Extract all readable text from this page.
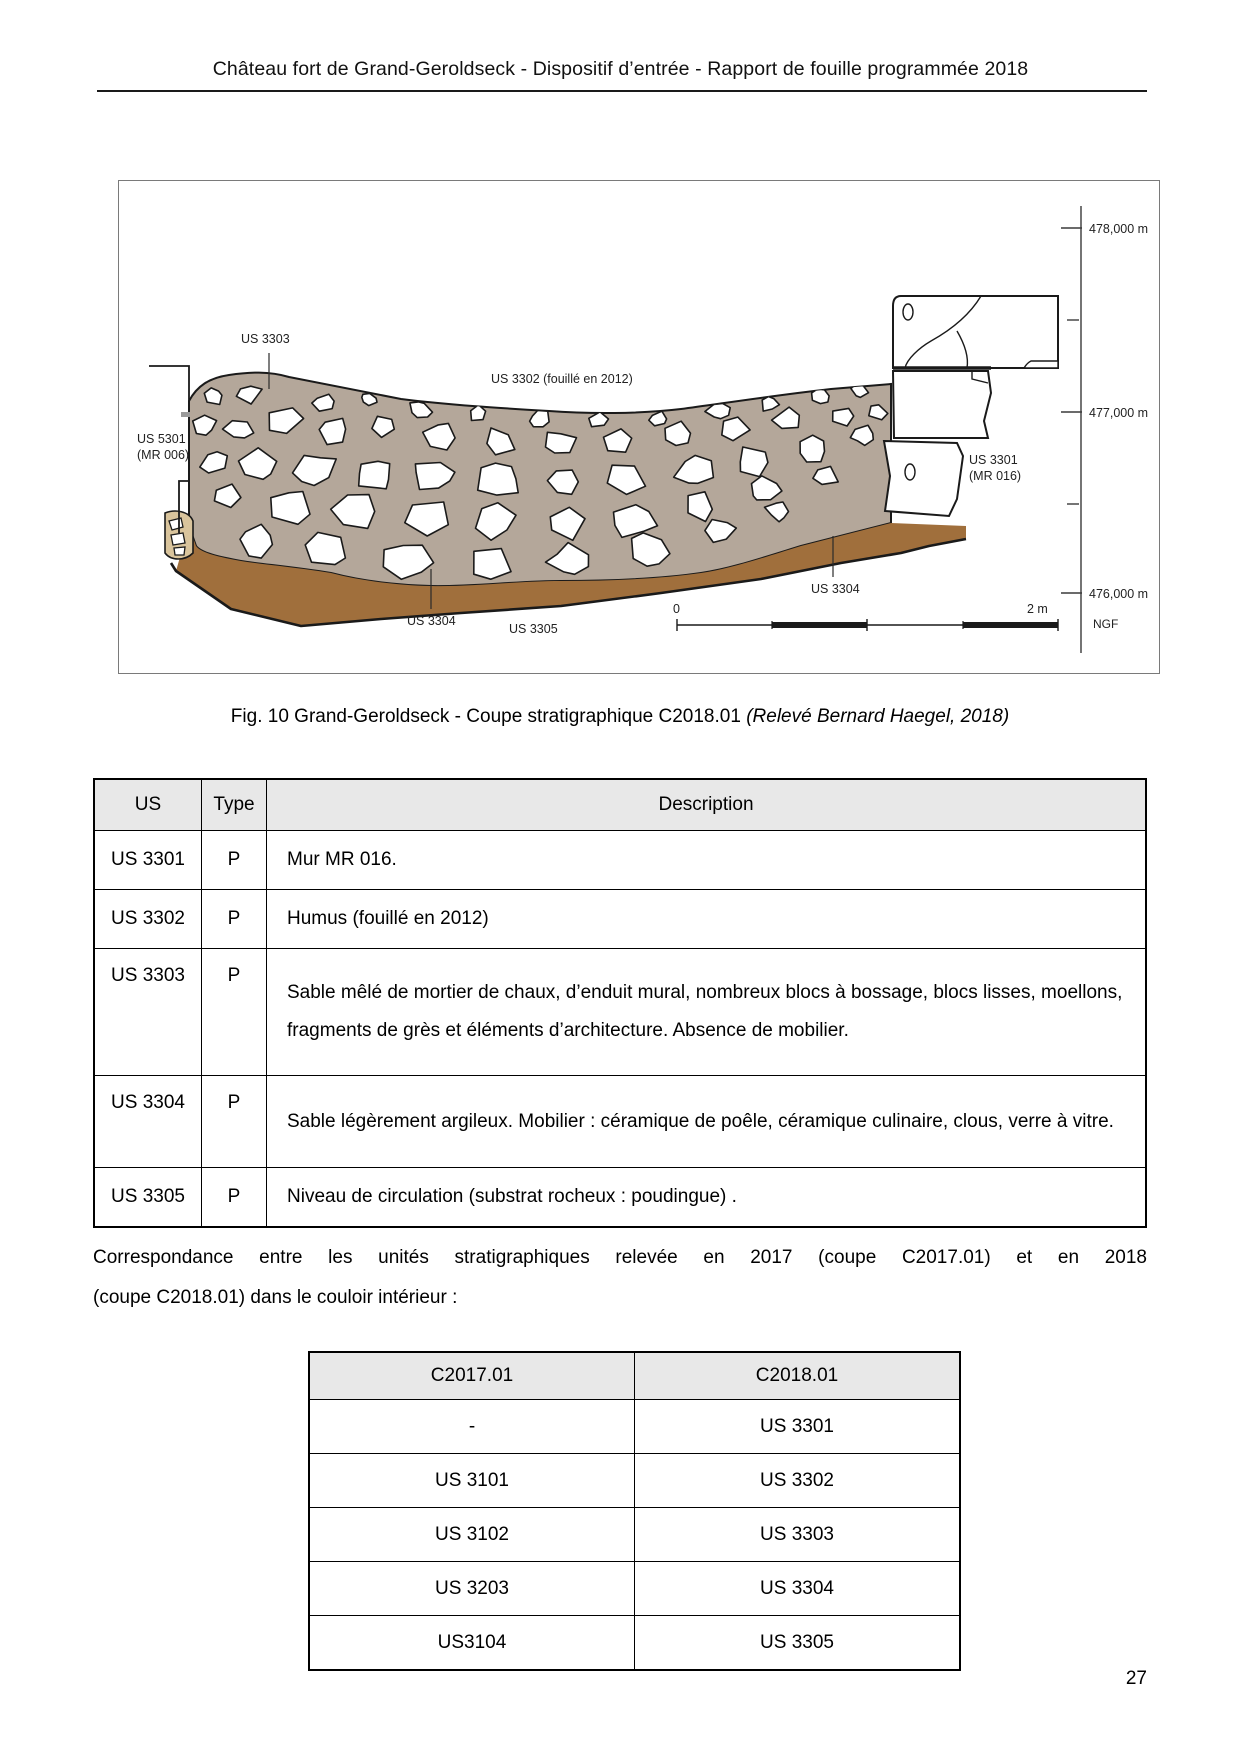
Château fort de Grand-Geroldseck - Dispositif d’entrée - Rapport de fouille programmée 2018
478,000 m
477,000 m
476,000 m
NGF
0	2 m
US 3303
US 3302 (fouillé en 2012)
US 5301
(MR 006)	US 3301
(MR 016)
US 3304
US 3304
US 3305
Fig. 10 Grand-Geroldseck - Coupe stratigraphique C2018.01 (Relevé Bernard Haegel, 2018)
US	Type	Description
US 3301	P	Mur MR 016.
US 3302	P	Humus (fouillé en 2012)
US 3303	P	Sable mêlé de mortier de chaux, d’enduit mural, nombreux blocs à bossage, blocs lisses, moellons, fragments de grès et éléments d’architecture. Absence de mobilier.
US 3304	P	Sable légèrement argileux. Mobilier : céramique de poêle, céramique culinaire, clous, verre à vitre.
US 3305	P	Niveau de circulation (substrat rocheux : poudingue) .
Correspondance entre les unités stratigraphiques relevée en 2017 (coupe C2017.01) et en 2018
(coupe C2018.01) dans le couloir intérieur :
C2017.01	C2018.01
-	US 3301
US 3101	US 3302
US 3102	US 3303
US 3203	US 3304
US3104	US 3305
27
